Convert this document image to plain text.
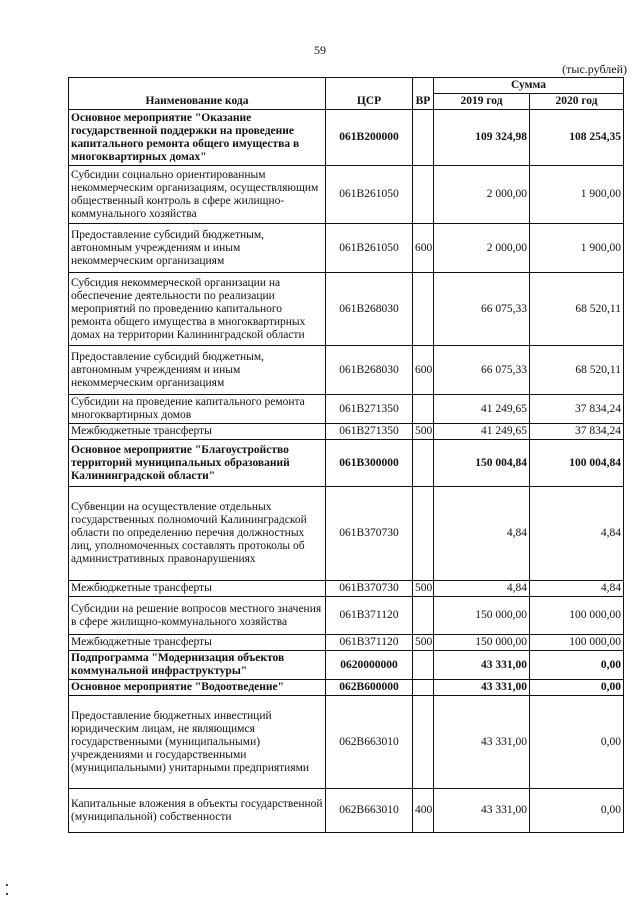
59
(тыс.рублей)
Наименование кода	ЦСР	ВР	Сумма	
			2019 год	2020 год
Основное мероприятие "Оказание государственной поддержки на проведение капитального ремонта общего имущества в многоквартирных домах"	061B200000		109 324,98	108 254,35
Субсидии социально ориентированным некоммерческим организациям, осуществляющим общественный контроль в сфере жилищно-коммунального хозяйства	061B261050		2 000,00	1 900,00
Предоставление субсидий бюджетным, автономным учреждениям и иным некоммерческим организациям	061B261050	600	2 000,00	1 900,00
Субсидия некоммерческой организации на обеспечение деятельности по реализации мероприятий по проведению капитального ремонта общего имущества в многоквартирных домах на территории Калининградской области	061B268030		66 075,33	68 520,11
Предоставление субсидий бюджетным, автономным учреждениям и иным некоммерческим организациям	061B268030	600	66 075,33	68 520,11
Субсидии на проведение капитального ремонта многоквартирных домов	061B271350		41 249,65	37 834,24
Межбюджетные трансферты	061B271350	500	41 249,65	37 834,24
Основное мероприятие "Благоустройство территорий муниципальных образований Калининградской области"	061B300000		150 004,84	100 004,84
Субвенции на осуществление отдельных государственных полномочий Калининградской области по определению перечня должностных лиц, уполномоченных составлять протоколы об административных правонарушениях	061B370730		4,84	4,84
Межбюджетные трансферты	061B370730	500	4,84	4,84
Субсидии на решение вопросов местного значения в сфере жилищно-коммунального хозяйства	061B371120		150 000,00	100 000,00
Межбюджетные трансферты	061B371120	500	150 000,00	100 000,00
Подпрограмма "Модернизация объектов коммунальной инфраструктуры"	0620000000		43 331,00	0,00
Основное мероприятие "Водоотведение"	062B600000		43 331,00	0,00
Предоставление бюджетных инвестиций юридическим лицам, не являющимся государственными (муниципальными) учреждениями и государственными (муниципальными) унитарными предприятиями	062B663010		43 331,00	0,00
Капитальные вложения в объекты государственной (муниципальной) собственности	062B663010	400	43 331,00	0,00
